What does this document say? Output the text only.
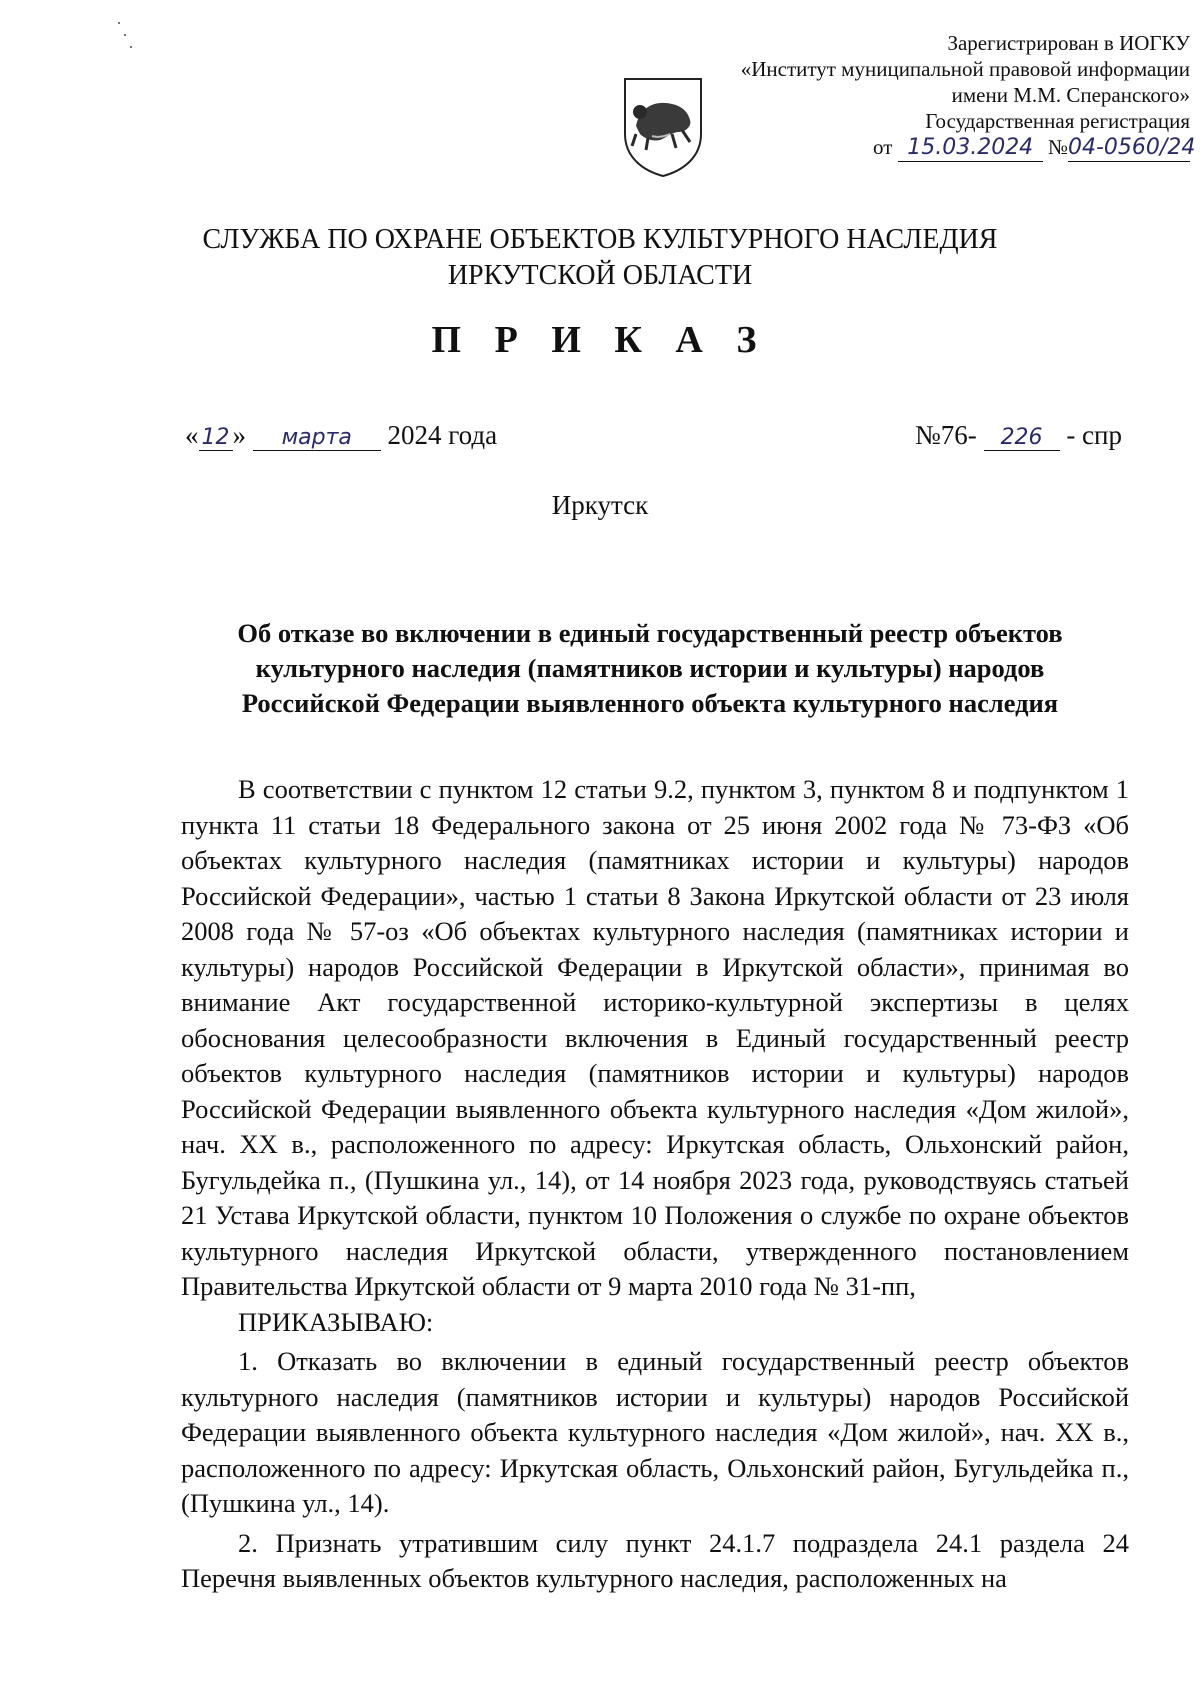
Зарегистрирован в ИОГКУ
«Институт муниципальной правовой информации
имени М.М. Сперанского»
Государственная регистрация
от 15.03.2024 №04-0560/24
СЛУЖБА ПО ОХРАНЕ ОБЪЕКТОВ КУЛЬТУРНОГО НАСЛЕДИЯ
ИРКУТСКОЙ ОБЛАСТИ
П Р И К А З
« 12 » марта 2024 года	№76- 226 - спр
Иркутск
Об отказе во включении в единый государственный реестр объектов
культурного наследия (памятников истории и культуры) народов
Российской Федерации выявленного объекта культурного наследия

В соответствии с пунктом 12 статьи 9.2, пунктом 3, пунктом 8 и подпунктом 1 пункта 11 статьи 18 Федерального закона от 25 июня 2002 года № 73-ФЗ «Об объектах культурного наследия (памятниках истории и культуры) народов Российской Федерации», частью 1 статьи 8 Закона Иркутской области от 23 июля 2008 года № 57-оз «Об объектах культурного наследия (памятниках истории и культуры) народов Российской Федерации в Иркутской области», принимая во внимание Акт государственной историко-культурной экспертизы в целях обоснования целесообразности включения в Единый государственный реестр объектов культурного наследия (памятников истории и культуры) народов Российской Федерации выявленного объекта культурного наследия «Дом жилой», нач. XX в., расположенного по адресу: Иркутская область, Ольхонский район, Бугульдейка п., (Пушкина ул., 14), от 14 ноября 2023 года, руководствуясь статьей 21 Устава Иркутской области, пунктом 10 Положения о службе по охране объектов культурного наследия Иркутской области, утвержденного постановлением Правительства Иркутской области от 9 марта 2010 года № 31-пп,

ПРИКАЗЫВАЮ:

1. Отказать во включении в единый государственный реестр объектов культурного наследия (памятников истории и культуры) народов Российской Федерации выявленного объекта культурного наследия «Дом жилой», нач. XX в., расположенного по адресу: Иркутская область, Ольхонский район, Бугульдейка п., (Пушкина ул., 14).

2. Признать утратившим силу пункт 24.1.7 подраздела 24.1 раздела 24 Перечня выявленных объектов культурного наследия, расположенных на
